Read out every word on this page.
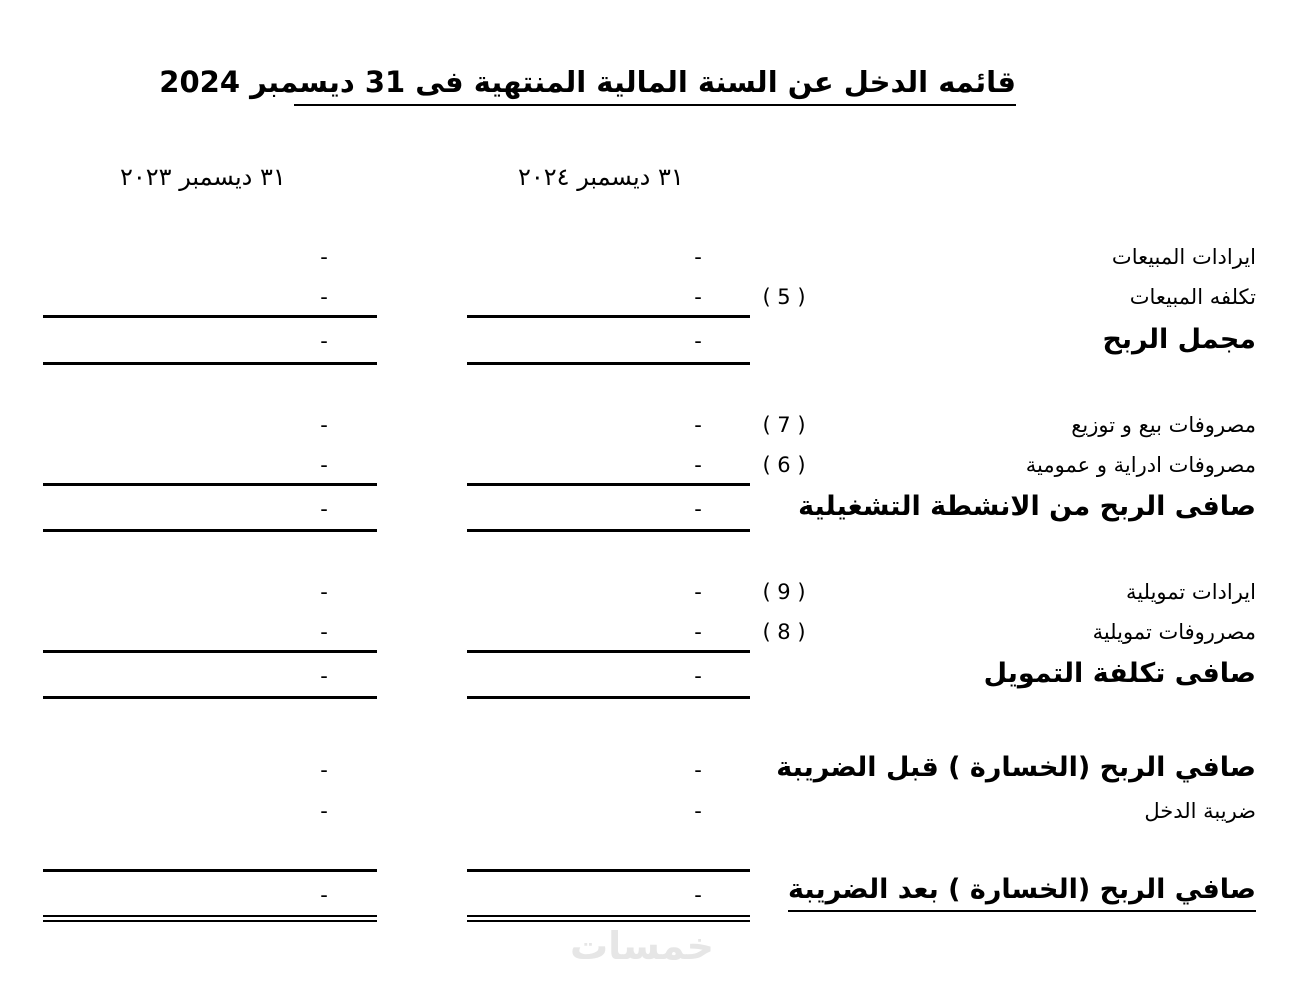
قائمه الدخل عن السنة المالية المنتهية فى 31 ديسمبر 2024
٣١ ديسمبر ٢٠٢٤
٣١ ديسمبر ٢٠٢٣
ايرادات المبيعات
-
-
تكلفه المبيعات
( 5 )
-
-
مجمل الربح
-
-
مصروفات بيع و توزيع
( 7 )
-
-
مصروفات ادراية و عمومية
( 6 )
-
-
صافى الربح من الانشطة التشغيلية
-
-
ايرادات تمويلية
( 9 )
-
-
مصرروفات تمويلية
( 8 )
-
-
صافى تكلفة التمويل
-
-
صافي الربح (الخسارة ) قبل الضريبة
-
-
ضريبة الدخل
-
-
صافي الربح (الخسارة ) بعد الضريبة
-
-
خمسات
